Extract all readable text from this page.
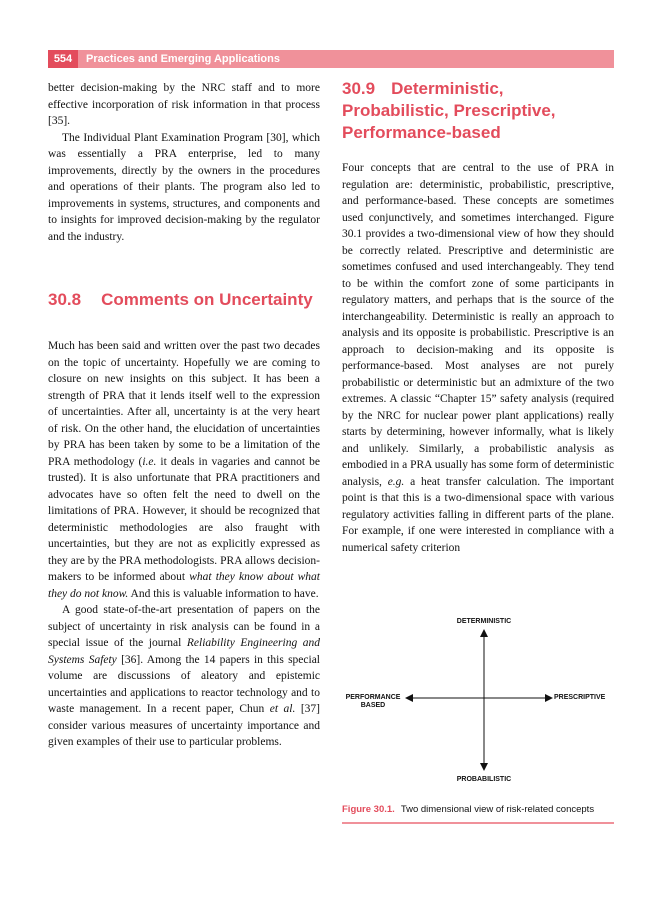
554	Practices and Emerging Applications

better decision-making by the NRC staff and to more effective incorporation of risk information in that process [35].

The Individual Plant Examination Program [30], which was essentially a PRA enterprise, led to many improvements, directly by the owners in the procedures and operations of their plants. The program also led to improvements in systems, structures, and components and to insights for improved decision-making by the regulator and the industry.

30.8 Comments on Uncertainty

Much has been said and written over the past two decades on the topic of uncertainty. Hopefully we are coming to closure on new insights on this subject. It has been a strength of PRA that it lends itself well to the expression of uncertainties. After all, uncertainty is at the very heart of risk. On the other hand, the elucidation of uncertainties by PRA has been taken by some to be a limitation of the PRA methodology (i.e. it deals in vagaries and cannot be trusted). It is also unfortunate that PRA practitioners and advocates have so often felt the need to dwell on the limitations of PRA. However, it should be recognized that deterministic methodologies are also fraught with uncertainties, but they are not as explicitly expressed as they are by the PRA methodologists. PRA allows decision-makers to be informed about what they know about what they do not know. And this is valuable information to have.

A good state-of-the-art presentation of papers on the subject of uncertainty in risk analysis can be found in a special issue of the journal Reliability Engineering and Systems Safety [36]. Among the 14 papers in this special volume are discussions of aleatory and epistemic uncertainties and applications to reactor technology and to waste management. In a recent paper, Chun et al. [37] consider various measures of uncertainty importance and given examples of their use to particular problems.

30.9 Deterministic, Probabilistic, Prescriptive, Performance-based

Four concepts that are central to the use of PRA in regulation are: deterministic, probabilistic, prescriptive, and performance-based. These concepts are sometimes used conjunctively, and sometimes interchanged. Figure 30.1 provides a two-dimensional view of how they should be correctly related. Prescriptive and deterministic are sometimes confused and used interchangeably. They tend to be within the comfort zone of some participants in regulatory matters, and perhaps that is the source of the interchangeability. Deterministic is really an approach to analysis and its opposite is probabilistic. Prescriptive is an approach to decision-making and its opposite is performance-based. Most analyses are not purely probabilistic or deterministic but an admixture of the two extremes. A classic “Chapter 15” safety analysis (required by the NRC for nuclear power plant applications) really starts by determining, however informally, what is likely and unlikely. Similarly, a probabilistic analysis as embodied in a PRA usually has some form of deterministic analysis, e.g. a heat transfer calculation. The important point is that this is a two-dimensional space with various regulatory activities falling in different parts of the plane. For example, if one were interested in compliance with a numerical safety criterion

DETERMINISTIC
PROBABILISTIC
PERFORMANCE
BASED
PRESCRIPTIVE
Figure 30.1. Two dimensional view of risk-related concepts
